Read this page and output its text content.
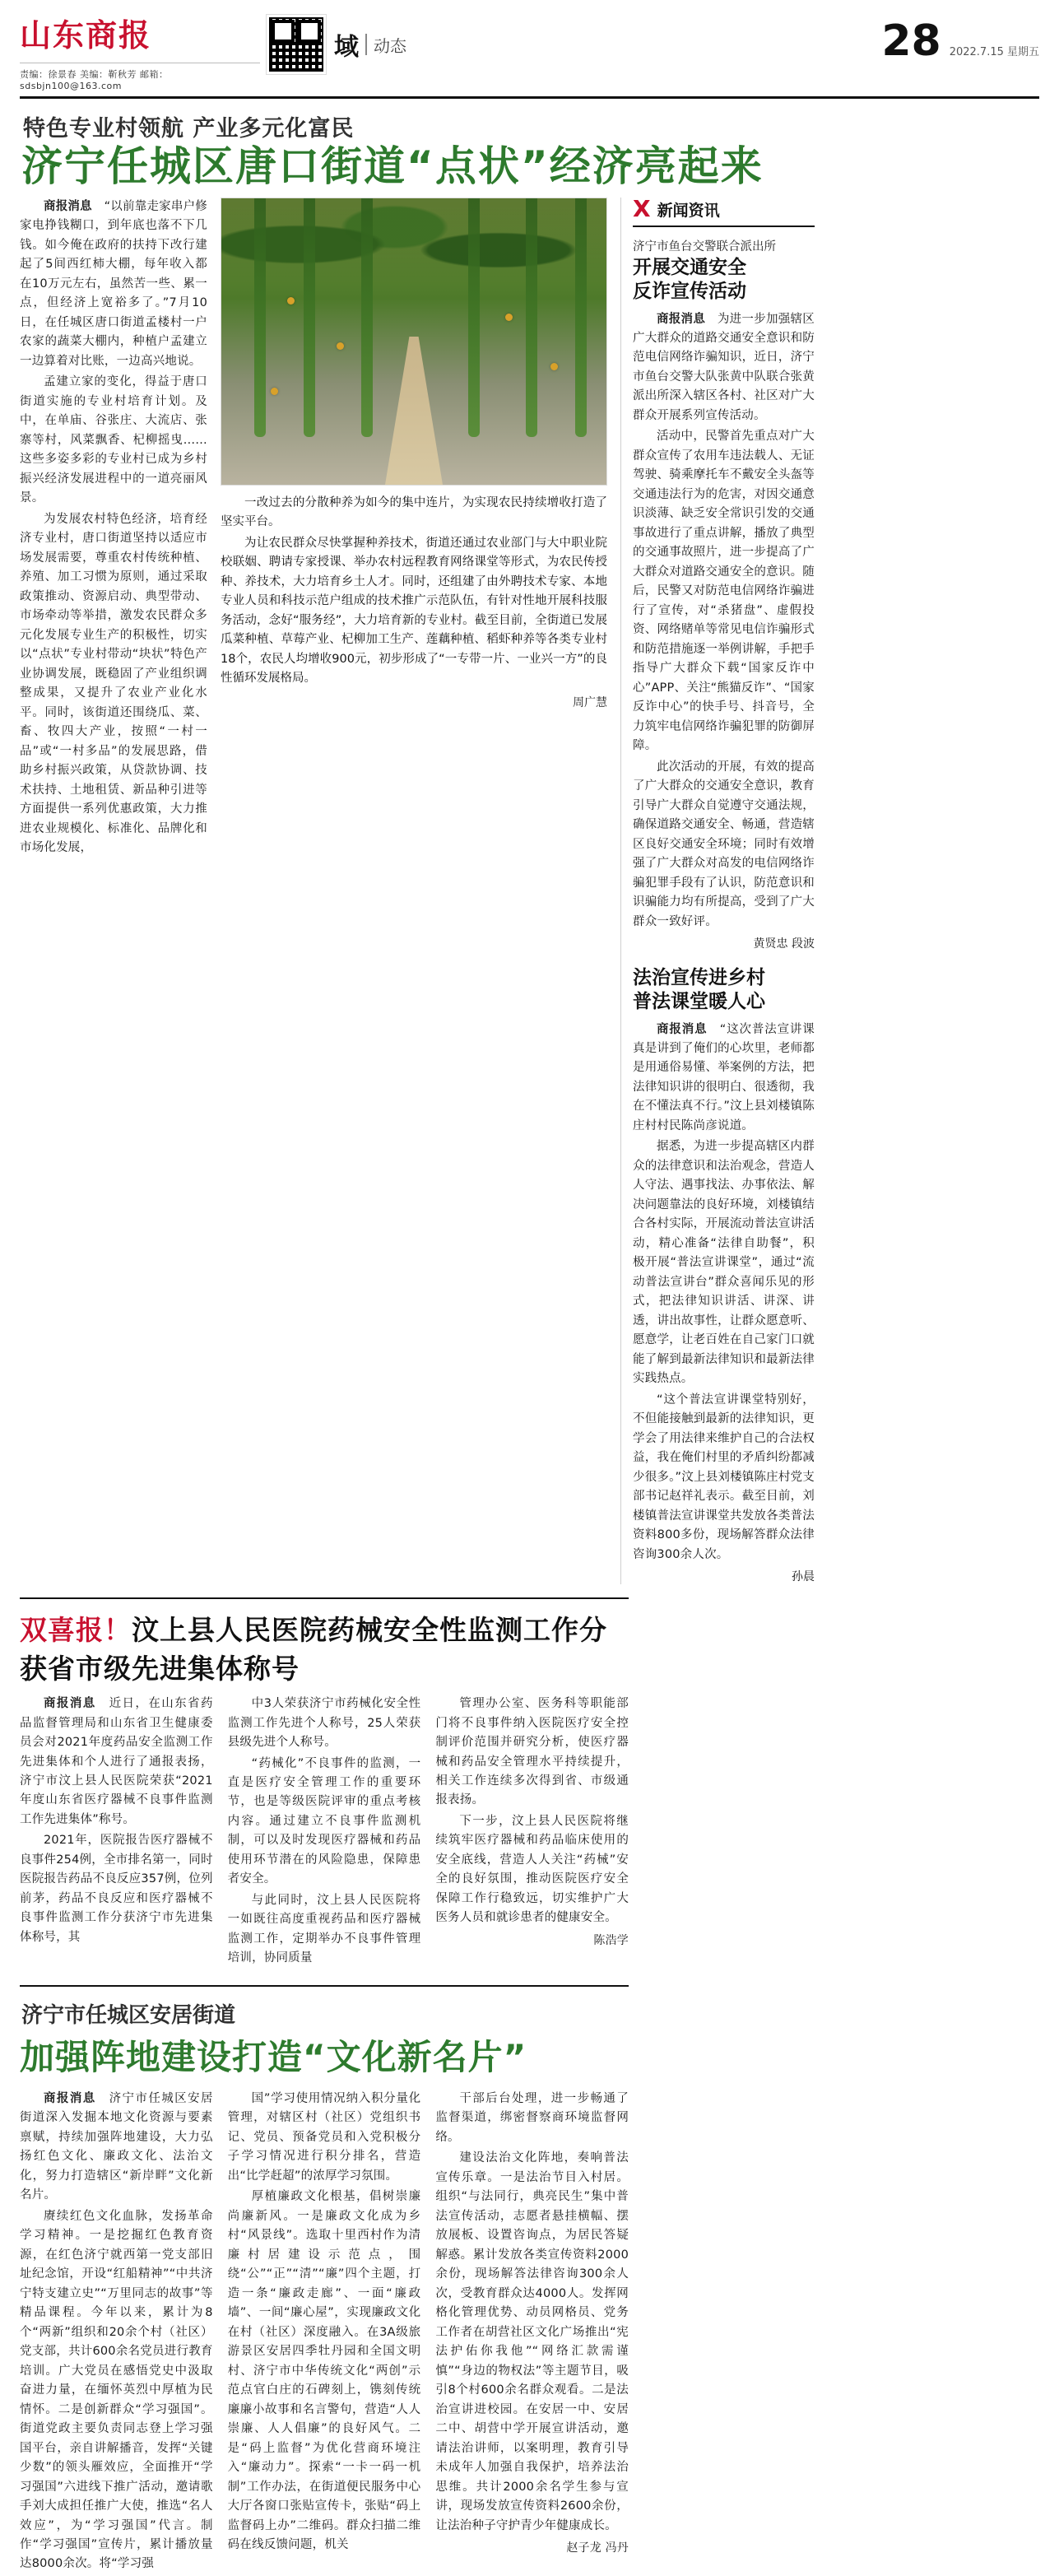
山东商报
责编：徐景春 美编：靳秋芳 邮箱：sdsbjn100@163.com
域 动态	28 2022.7.15 星期五
特色专业村领航 产业多元化富民
济宁任城区唐口街道“点状”经济亮起来

商报消息　 “以前靠走家串户修家电挣钱糊口，到年底也落不下几钱。如今俺在政府的扶持下改行建起了5间西红柿大棚，每年收入都在10万元左右，虽然苦一些、累一点，但经济上宽裕多了。”7月10日，在任城区唐口街道孟楼村一户农家的蔬菜大棚内，种植户孟建立一边算着对比账，一边高兴地说。

孟建立家的变化，得益于唐口街道实施的专业村培育计划。及中，在单庙、谷张庄、大流店、张寨等村，风菜飘香、杞柳摇曳……这些多姿多彩的专业村已成为乡村振兴经济发展进程中的一道亮丽风景。

为发展农村特色经济，培育经济专业村，唐口街道坚持以适应市场发展需要，尊重农村传统种植、养殖、加工习惯为原则，通过采取政策推动、资源启动、典型带动、市场牵动等举措，激发农民群众多元化发展专业生产的积极性，切实以“点状”专业村带动“块状”特色产业协调发展，既稳固了产业组织调整成果，又提升了农业产业化水平。同时，该街道还围绕瓜、菜、畜、牧四大产业，按照“一村一品”或“一村多品”的发展思路，借助乡村振兴政策，从贷款协调、技术扶持、土地租赁、新品种引进等方面提供一系列优惠政策，大力推进农业规模化、标准化、品牌化和市场化发展，

一改过去的分散种养为如今的集中连片，为实现农民持续增收打造了坚实平台。

为让农民群众尽快掌握种养技术，街道还通过农业部门与大中职业院校联姻、聘请专家授课、举办农村远程教育网络课堂等形式，为农民传授种、养技术，大力培育乡土人才。同时，还组建了由外聘技术专家、本地专业人员和科技示范户组成的技术推广示范队伍，有针对性地开展科技服务活动，念好“服务经”，大力培育新的专业村。截至目前，全街道已发展瓜菜种植、草莓产业、杞柳加工生产、莲藕种植、稻虾种养等各类专业村18个，农民人均增收900元，初步形成了“一专带一片、一业兴一方”的良性循环发展格局。

周广慧
X 新闻资讯
济宁市鱼台交警联合派出所
开展交通安全
反诈宣传活动

商报消息　 为进一步加强辖区广大群众的道路交通安全意识和防范电信网络诈骗知识，近日，济宁市鱼台交警大队张黄中队联合张黄派出所深入辖区各村、社区对广大群众开展系列宣传活动。

活动中，民警首先重点对广大群众宣传了农用车违法载人、无证驾驶、骑乘摩托车不戴安全头盔等交通违法行为的危害，对因交通意识淡薄、缺乏安全常识引发的交通事故进行了重点讲解，播放了典型的交通事故照片，进一步提高了广大群众对道路交通安全的意识。随后，民警又对防范电信网络诈骗进行了宣传，对“杀猪盘”、虚假投资、网络赌单等常见电信诈骗形式和防范措施逐一举例讲解，手把手指导广大群众下载“国家反诈中心”APP、关注“熊猫反诈”、“国家反诈中心”的快手号、抖音号，全力筑牢电信网络诈骗犯罪的防御屏障。

此次活动的开展，有效的提高了广大群众的交通安全意识，教育引导广大群众自觉遵守交通法规，确保道路交通安全、畅通，营造辖区良好交通安全环境；同时有效增强了广大群众对高发的电信网络诈骗犯罪手段有了认识，防范意识和识骗能力均有所提高，受到了广大群众一致好评。

黄贤忠 段波
法治宣传进乡村
普法课堂暖人心

商报消息　 “这次普法宣讲课真是讲到了俺们的心坎里，老师都是用通俗易懂、举案例的方法，把法律知识讲的很明白、很透彻，我在不懂法真不行。”汶上县刘楼镇陈庄村村民陈尚彦说道。

据悉，为进一步提高辖区内群众的法律意识和法治观念，营造人人守法、遇事找法、办事依法、解决问题靠法的良好环境，刘楼镇结合各村实际，开展流动普法宣讲活动，精心准备“法律自助餐”，积极开展“普法宣讲课堂”，通过“流动普法宣讲台”群众喜闻乐见的形式，把法律知识讲活、讲深、讲透，讲出故事性，让群众愿意听、愿意学，让老百姓在自己家门口就能了解到最新法律知识和最新法律实践热点。

“这个普法宣讲课堂特别好，不但能接触到最新的法律知识，更学会了用法律来维护自己的合法权益，我在俺们村里的矛盾纠纷都减少很多。”汶上县刘楼镇陈庄村党支部书记赵祥礼表示。截至目前，刘楼镇普法宣讲课堂共发放各类普法资料800多份，现场解答群众法律咨询300余人次。

孙晨
双喜报！汶上县人民医院药械安全性监测工作分获省市级先进集体称号

商报消息　 近日，在山东省药品监督管理局和山东省卫生健康委员会对2021年度药品安全监测工作先进集体和个人进行了通报表扬，济宁市汶上县人民医院荣获“2021年度山东省医疗器械不良事件监测工作先进集体”称号。

2021年，医院报告医疗器械不良事件254例，全市排名第一，同时医院报告药品不良反应357例，位列前茅，药品不良反应和医疗器械不良事件监测工作分获济宁市先进集体称号，其

中3人荣获济宁市药械化安全性监测工作先进个人称号，25人荣获县级先进个人称号。

“药械化”不良事件的监测，一直是医疗安全管理工作的重要环节，也是等级医院评审的重点考核内容。通过建立不良事件监测机制，可以及时发现医疗器械和药品使用环节潜在的风险隐患，保障患者安全。

与此同时，汶上县人民医院将一如既往高度重视药品和医疗器械监测工作，定期举办不良事件管理培训，协同质量

管理办公室、医务科等职能部门将不良事件纳入医院医疗安全控制评价范围并研究分析，使医疗器械和药品安全管理水平持续提升，相关工作连续多次得到省、市级通报表扬。

下一步，汶上县人民医院将继续筑牢医疗器械和药品临床使用的安全底线，营造人人关注“药械”安全的良好氛围，推动医院医疗安全保障工作行稳致远，切实维护广大医务人员和就诊患者的健康安全。

陈浩学
济宁市任城区安居街道
加强阵地建设打造“文化新名片”

商报消息　 济宁市任城区安居街道深入发掘本地文化资源与要素禀赋，持续加强阵地建设，大力弘扬红色文化、廉政文化、法治文化，努力打造辖区“新岸畔”文化新名片。

赓续红色文化血脉，发扬革命学习精神。一是挖掘红色教育资源，在红色济宁就西第一党支部旧址纪念馆，开设“红船精神”“中共济宁特支建立史”“万里同志的故事”等精品课程。今年以来，累计为8个“两新”组织和20余个村（社区）党支部，共计600余名党员进行教育培训。广大党员在感悟党史中汲取奋进力量，在缅怀英烈中厚植为民情怀。二是创新群众“学习强国”。街道党政主要负责同志登上学习强国平台，亲自讲解播音，发挥“关键少数”的领头雁效应，全面推开“学习强国”六进线下推广活动，邀请歌手刘大成担任推广大使，推选“名人效应”，为“学习强国”代言。制作“学习强国”宣传片，累计播放量达8000余次。将“学习强

国”学习使用情况纳入积分量化管理，对辖区村（社区）党组织书记、党员、预备党员和入党积极分子学习情况进行积分排名，营造出“比学赶超”的浓厚学习氛围。

厚植廉政文化根基，倡树崇廉尚廉新风。一是廉政文化成为乡村“风景线”。选取十里西村作为清廉村居建设示范点，围绕“公”“正”“清”“廉”四个主题，打造一条“廉政走廊”、一面“廉政墙”、一间“廉心屋”，实现廉政文化在村（社区）深度融入。在3A级旅游景区安居四季牡丹园和全国文明村、济宁市中华传统文化“两创”示范点官白庄的石碑刻上，镌刻传统廉廉小故事和名言警句，营造“人人崇廉、人人倡廉”的良好风气。二是“码上监督”为优化营商环境注入“廉动力”。探索“一卡一码一机制”工作办法，在街道便民服务中心大厅各窗口张贴宣传卡，张贴“码上监督码上办”二维码。群众扫描二维码在线反馈问题，机关

干部后台处理，进一步畅通了监督渠道，绑密督察商环境监督网络。

建设法治文化阵地，奏响普法宣传乐章。一是法治节目入村居。组织“与法同行，典亮民生”集中普法宣传活动，志愿者悬挂横幅、摆放展板、设置咨询点，为居民答疑解惑。累计发放各类宣传资料2000余份，现场解答法律咨询300余人次，受教育群众达4000人。发挥网格化管理优势、动员网格员、党务工作者在胡营社区文化广场推出“宪法护佑你我他”“网络汇款需谨慎”“身边的物权法”等主题节目，吸引8个村600余名群众观看。二是法治宣讲进校园。在安居一中、安居二中、胡营中学开展宣讲活动，邀请法治讲师，以案明理，教育引导未成年人加强自我保护，培养法治思维。共计2000余名学生参与宣讲，现场发放宣传资料2600余份，让法治种子守护青少年健康成长。

赵子龙 冯丹
